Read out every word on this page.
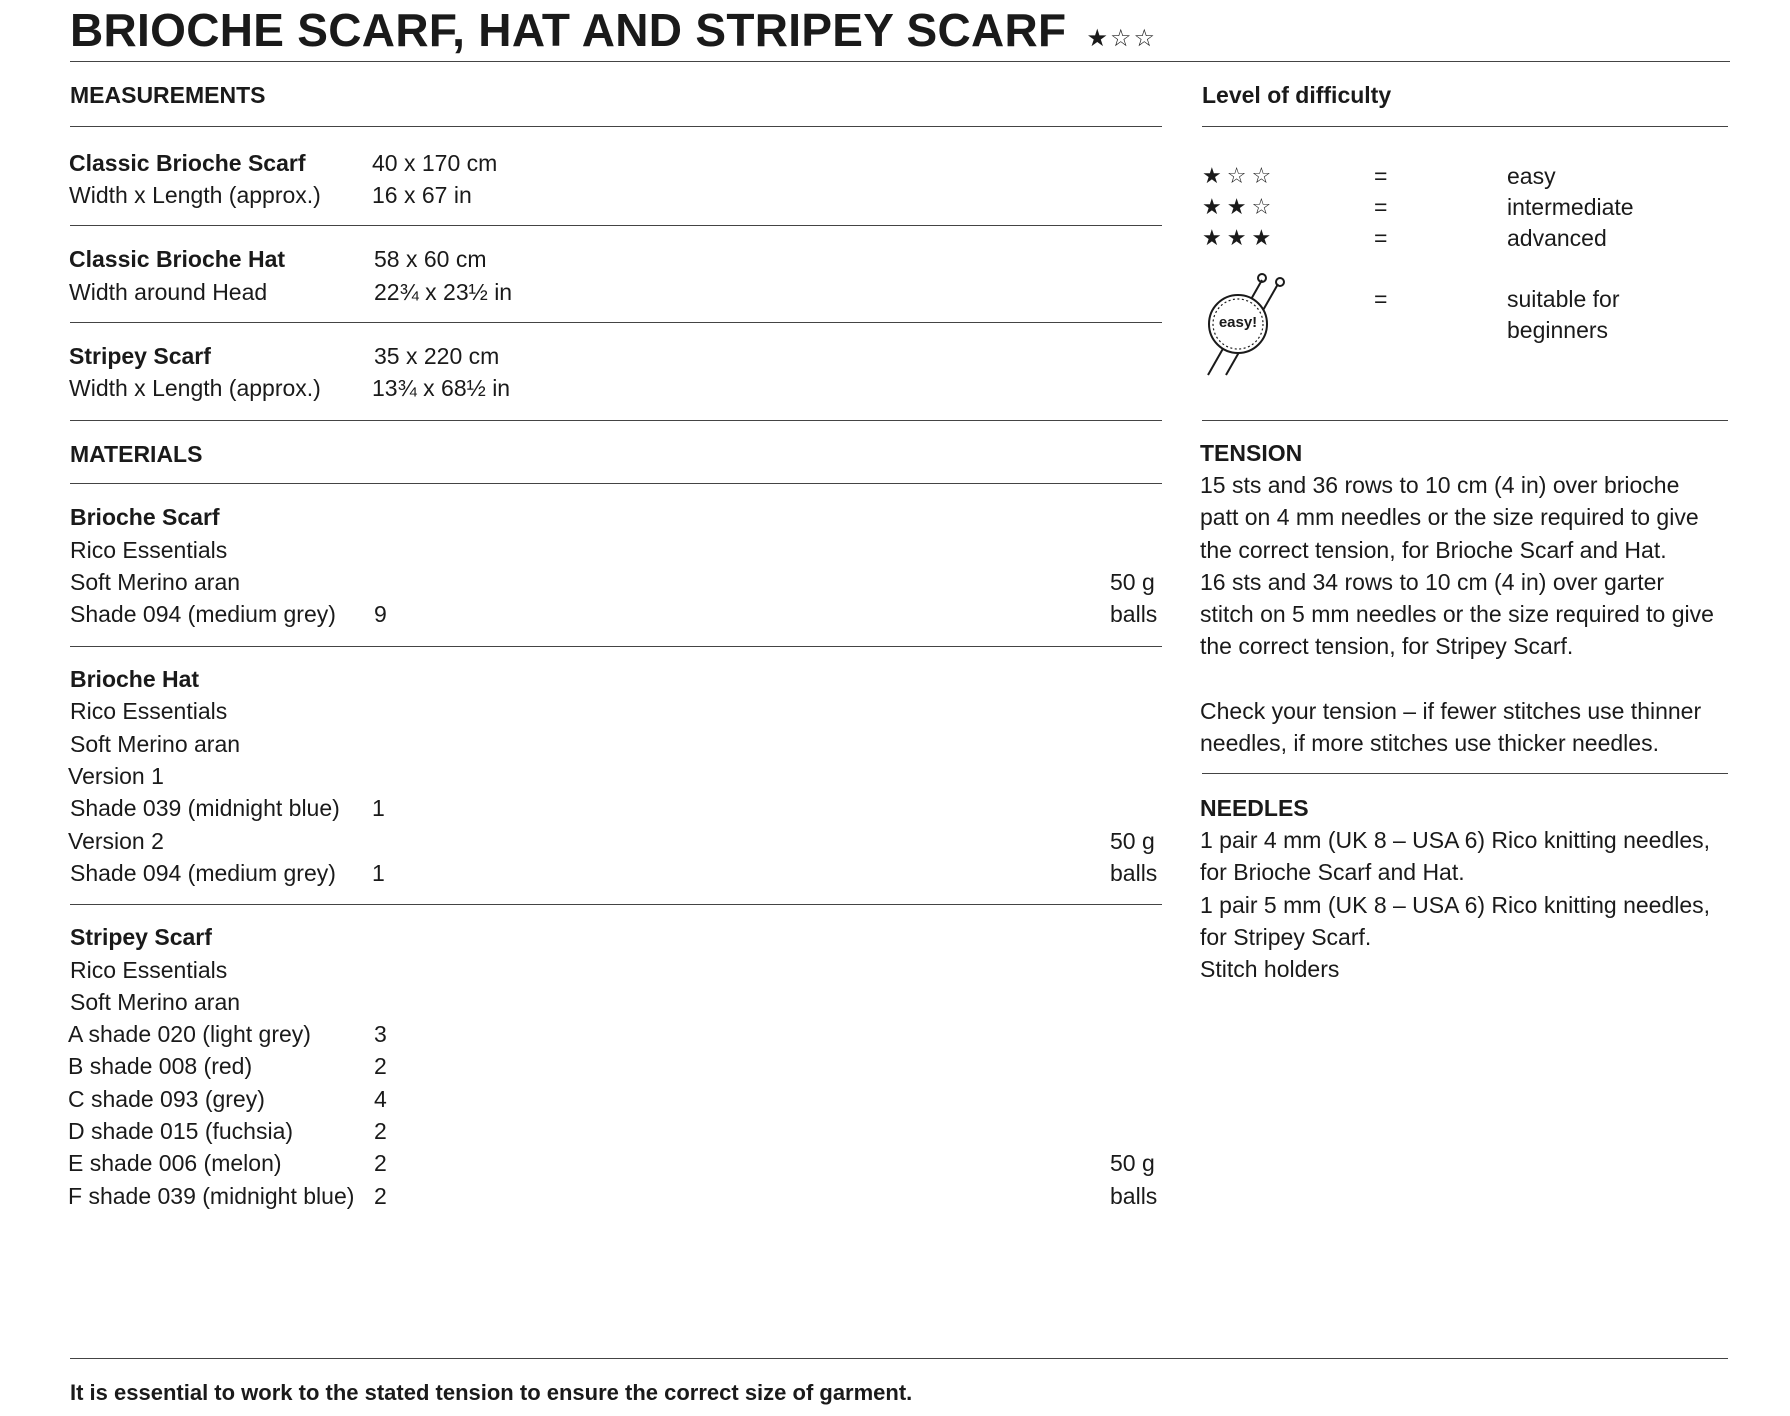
BRIOCHE SCARF, HAT AND STRIPEY SCARF ★☆☆
MEASUREMENTS
Classic Brioche Scarf	40 x 170 cm
Width x Length (approx.) 16 x 67 in
Classic Brioche Hat	58 x 60 cm
Width around Head	22¾ x 23½ in
Stripey Scarf	35 x 220 cm
Width x Length (approx.) 13¾ x 68½ in
MATERIALS
Brioche Scarf
Rico Essentials
Soft Merino aran	50 g
Shade 094 (medium grey) 9	balls
Brioche Hat
Rico Essentials
Soft Merino aran
Version 1
Shade 039 (midnight blue) 1
Version 2	50 g
Shade 094 (medium grey) 1	balls
Stripey Scarf
Rico Essentials
Soft Merino aran
A shade 020 (light grey)	3
B shade 008 (red)	2
C shade 093 (grey)	4
D shade 015 (fuchsia)	2
E shade 006 (melon)	2	50 g
F shade 039 (midnight blue) 2	balls
Level of difficulty
★☆☆	=	easy
★★☆	=	intermediate
★★★	=	advanced
easy!
=	suitable for
beginners
TENSION
15 sts and 36 rows to 10 cm (4 in) over brioche
patt on 4 mm needles or the size required to give
the correct tension, for Brioche Scarf and Hat.
16 sts and 34 rows to 10 cm (4 in) over garter
stitch on 5 mm needles or the size required to give
the correct tension, for Stripey Scarf.
Check your tension – if fewer stitches use thinner
needles, if more stitches use thicker needles.
NEEDLES
1 pair 4 mm (UK 8 – USA 6) Rico knitting needles,
for Brioche Scarf and Hat.
1 pair 5 mm (UK 8 – USA 6) Rico knitting needles,
for Stripey Scarf.
Stitch holders
It is essential to work to the stated tension to ensure the correct size of garment.
